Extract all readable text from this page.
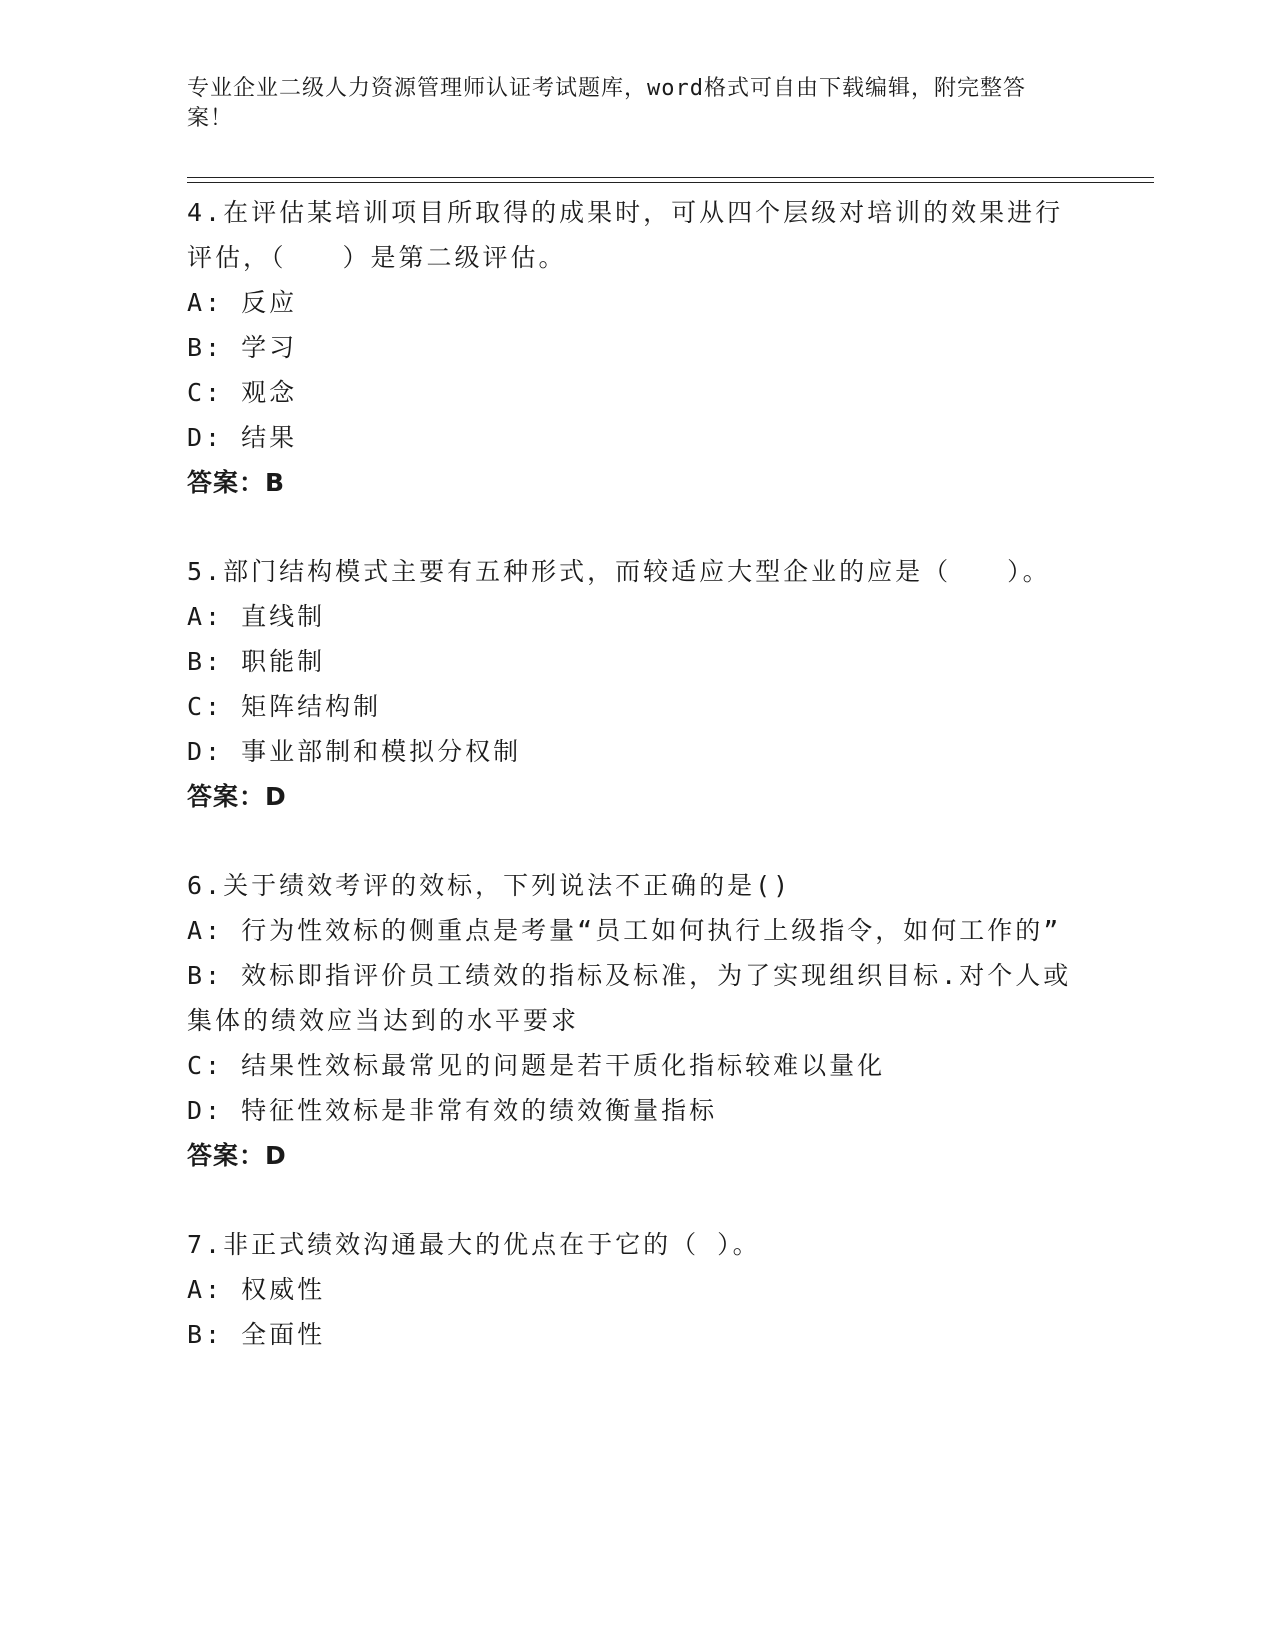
专业企业二级人力资源管理师认证考试题库，word格式可自由下载编辑，附完整答案！
4.在评估某培训项目所取得的成果时，可从四个层级对培训的效果进行评估，（　　）是第二级评估。
A: 反应
B: 学习
C: 观念
D: 结果
答案：B
5.部门结构模式主要有五种形式，而较适应大型企业的应是（　　）。
A: 直线制
B: 职能制
C: 矩阵结构制
D: 事业部制和模拟分权制
答案：D
6.关于绩效考评的效标，下列说法不正确的是()
A: 行为性效标的侧重点是考量“员工如何执行上级指令，如何工作的”
B: 效标即指评价员工绩效的指标及标准，为了实现组织目标.对个人或集体的绩效应当达到的水平要求
C: 结果性效标最常见的问题是若干质化指标较难以量化
D: 特征性效标是非常有效的绩效衡量指标
答案：D
7.非正式绩效沟通最大的优点在于它的（ ）。
A: 权威性
B: 全面性
